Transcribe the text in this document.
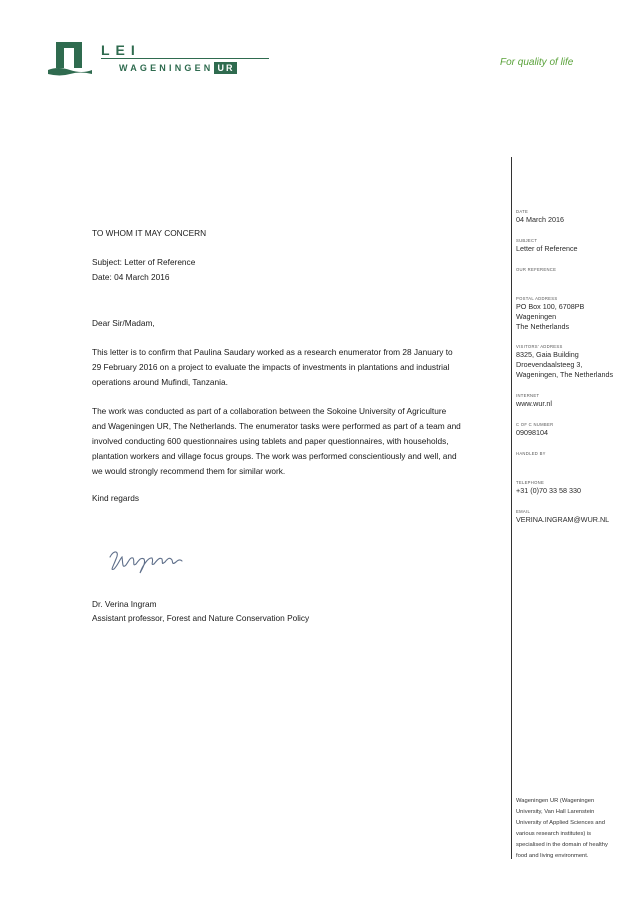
LEI
WAGENINGEN UR	For quality of life
TO WHOM IT MAY CONCERN
Subject: Letter of Reference
Date: 04 March 2016
Dear Sir/Madam,
This letter is to confirm that Paulina Saudary worked as a research enumerator from 28 January to
29 February 2016 on a project to evaluate the impacts of investments in plantations and industrial
operations around Mufindi, Tanzania.
The work was conducted as part of a collaboration between the Sokoine University of Agriculture
and Wageningen UR, The Netherlands. The enumerator tasks were performed as part of a team and
involved conducting 600 questionnaires using tablets and paper questionnaires, with households,
plantation workers and village focus groups. The work was performed conscientiously and well, and
we would strongly recommend them for similar work.
Kind regards
Dr. Verina Ingram
Assistant professor, Forest and Nature Conservation Policy
DATE
04 March 2016
SUBJECT
Letter of Reference
OUR REFERENCE
POSTAL ADDRESS
PO Box 100, 6708PB
Wageningen
The Netherlands
VISITORS' ADDRESS
8325, Gaia Building
Droevendaalsteeg 3,
Wageningen, The Netherlands
INTERNET
www.wur.nl
C OF C NUMBER
09098104
HANDLED BY
TELEPHONE
+31 (0)70 33 58 330
EMAIL
VERINA.INGRAM@WUR.NL
Wageningen UR (Wageningen
University, Van Hall Larenstein
University of Applied Sciences and
various research institutes) is
specialised in the domain of healthy
food and living environment.
